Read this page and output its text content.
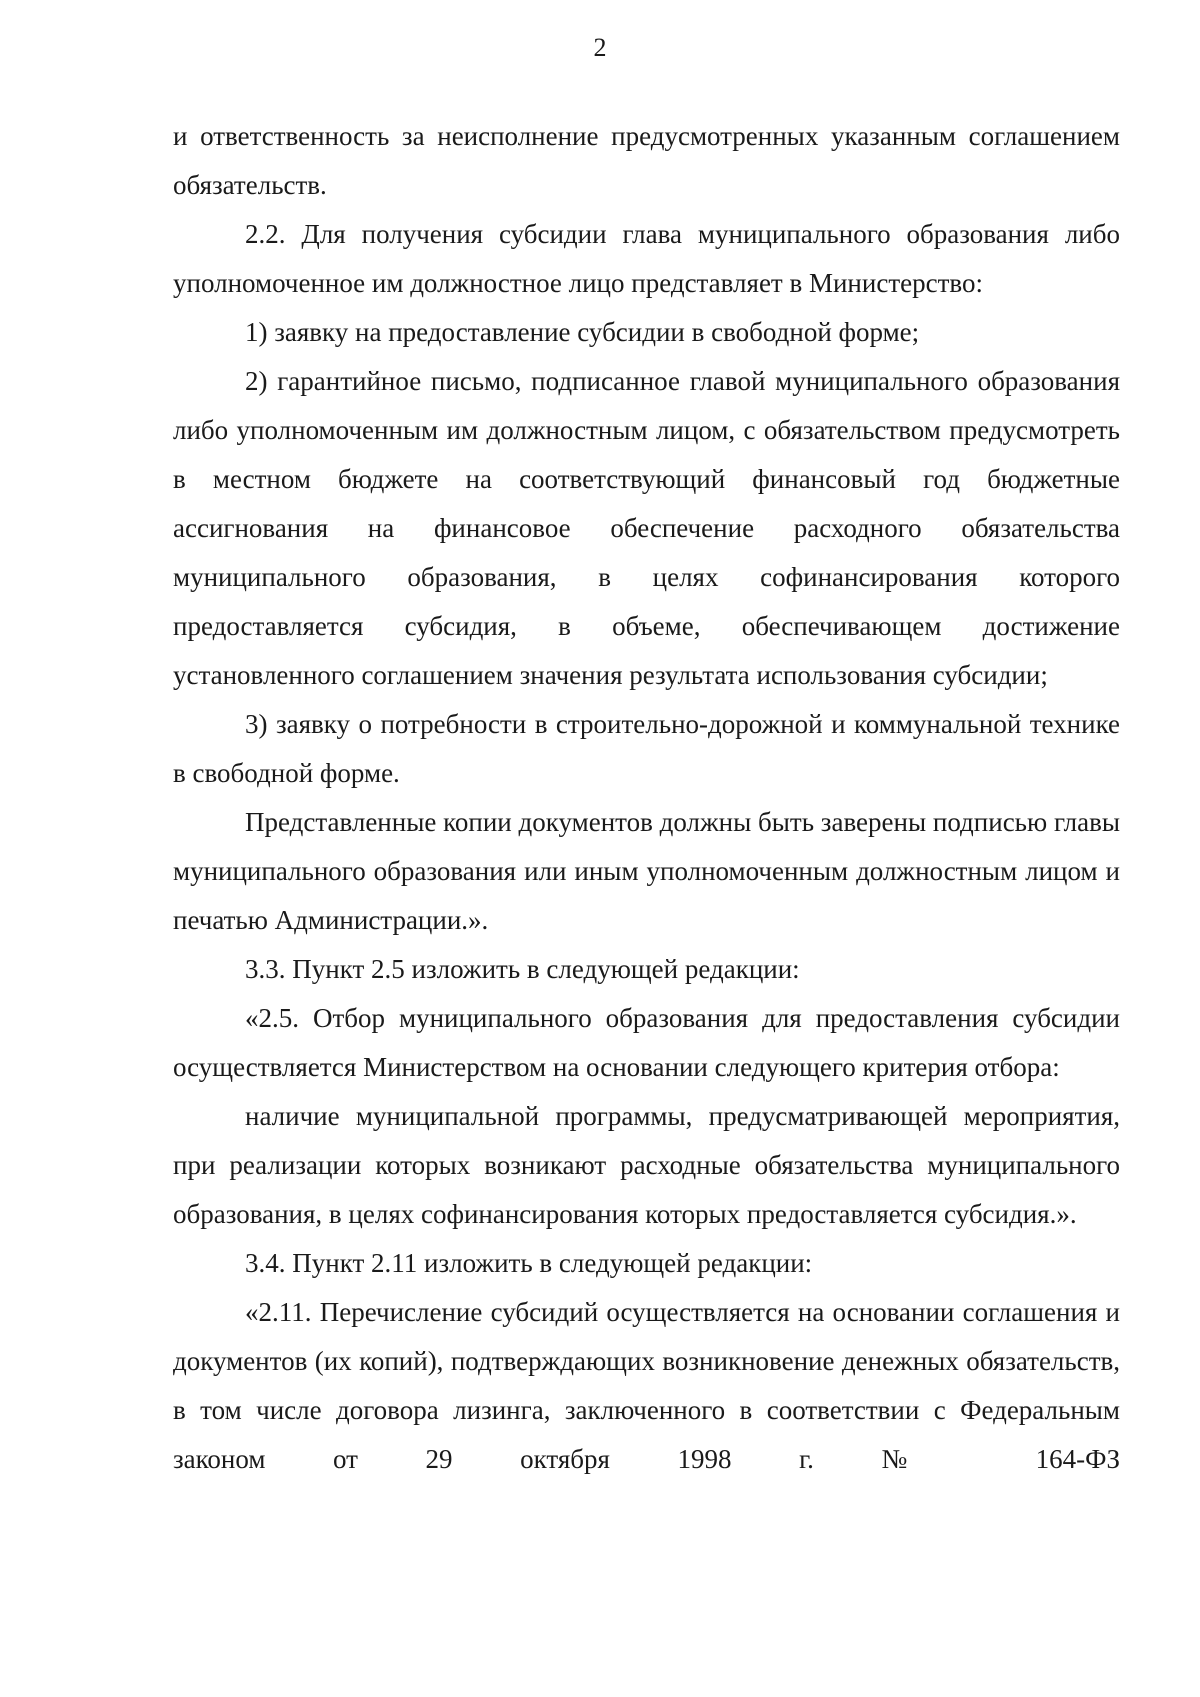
2

и ответственность за неисполнение предусмотренных указанным соглашением обязательств.

2.2. Для получения субсидии глава муниципального образования либо уполномоченное им должностное лицо представляет в Министерство:

1) заявку на предоставление субсидии в свободной форме;

2) гарантийное письмо, подписанное главой муниципального образования либо уполномоченным им должностным лицом, с обязательством предусмотреть в местном бюджете на соответствующий финансовый год бюджетные ассигнования на финансовое обеспечение расходного обязательства муниципального образования, в целях софинансирования которого предоставляется субсидия, в объеме, обеспечивающем достижение установленного соглашением значения результата использования субсидии;

3) заявку о потребности в строительно-дорожной и коммунальной технике в свободной форме.

Представленные копии документов должны быть заверены подписью главы муниципального образования или иным уполномоченным должностным лицом и печатью Администрации.».

3.3. Пункт 2.5 изложить в следующей редакции:

«2.5. Отбор муниципального образования для предоставления субсидии осуществляется Министерством на основании следующего критерия отбора:

наличие муниципальной программы, предусматривающей мероприятия, при реализации которых возникают расходные обязательства муниципального образования, в целях софинансирования которых предоставляется субсидия.».

3.4. Пункт 2.11 изложить в следующей редакции:

«2.11. Перечисление субсидий осуществляется на основании соглашения и документов (их копий), подтверждающих возникновение денежных обязательств, в том числе договора лизинга, заключенного в соответствии с Федеральным законом от 29 октября 1998 г. № 164-ФЗ
